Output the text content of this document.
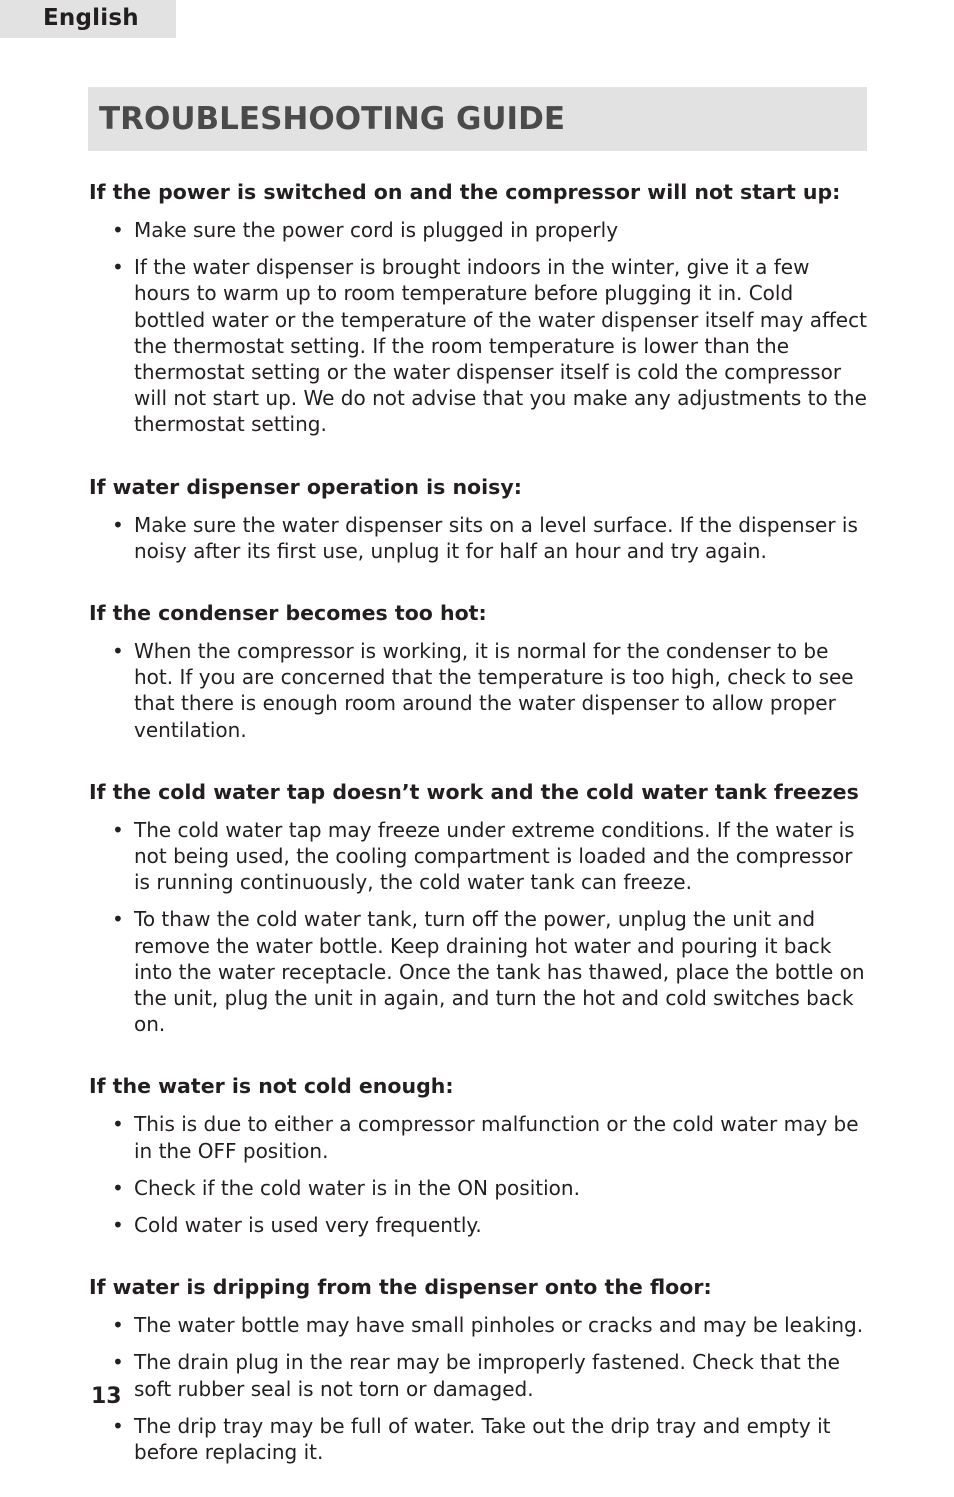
English
TROUBLESHOOTING GUIDE
If the power is switched on and the compressor will not start up:
• Make sure the power cord is plugged in properly
• If the water dispenser is brought indoors in the winter, give it a few hours to warm up to room temperature before plugging it in. Cold bottled water or the temperature of the water dispenser itself may affect the thermostat setting. If the room temperature is lower than the thermostat setting or the water dispenser itself is cold the compressor will not start up. We do not advise that you make any adjustments to the thermostat setting.
If water dispenser operation is noisy:
• Make sure the water dispenser sits on a level surface. If the dispenser is noisy after its first use, unplug it for half an hour and try again.
If the condenser becomes too hot:
• When the compressor is working, it is normal for the condenser to be hot. If you are concerned that the temperature is too high, check to see that there is enough room around the water dispenser to allow proper ventilation.
If the cold water tap doesn’t work and the cold water tank freezes
• The cold water tap may freeze under extreme conditions. If the water is not being used, the cooling compartment is loaded and the compressor is running continuously, the cold water tank can freeze.
• To thaw the cold water tank, turn off the power, unplug the unit and remove the water bottle. Keep draining hot water and pouring it back into the water receptacle. Once the tank has thawed, place the bottle on the unit, plug the unit in again, and turn the hot and cold switches back on.
If the water is not cold enough:
• This is due to either a compressor malfunction or the cold water may be in the OFF position.
• Check if the cold water is in the ON position.
• Cold water is used very frequently.
If water is dripping from the dispenser onto the floor:
• The water bottle may have small pinholes or cracks and may be leaking.
• The drain plug in the rear may be improperly fastened. Check that the soft rubber seal is not torn or damaged.
• The drip tray may be full of water. Take out the drip tray and empty it before replacing it.
13
